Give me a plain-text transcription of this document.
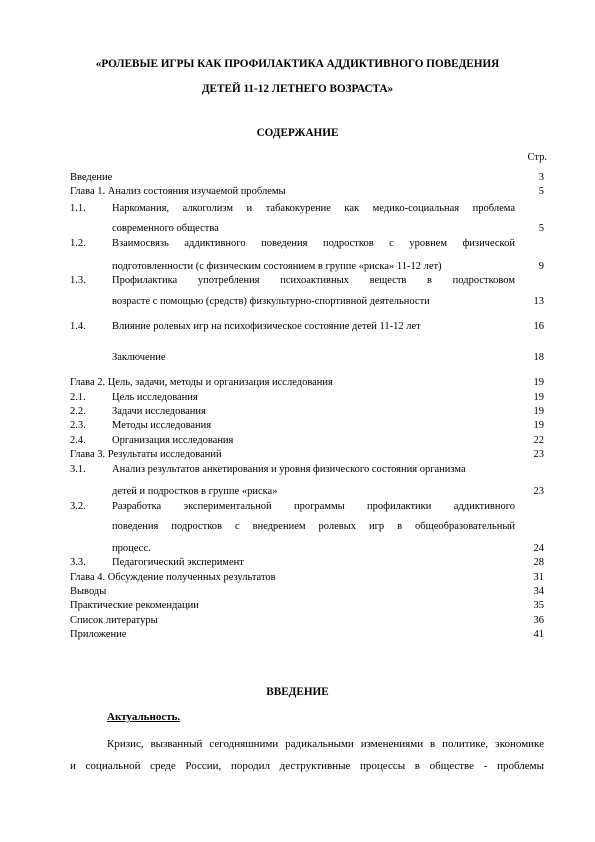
«РОЛЕВЫЕ ИГРЫ КАК ПРОФИЛАКТИКА АДДИКТИВНОГО ПОВЕДЕНИЯ
ДЕТЕЙ 11-12 ЛЕТНЕГО ВОЗРАСТА»
СОДЕРЖАНИЕ
Стр.
Введение	3
Глава 1. Анализ состояния изучаемой проблемы	5
1.1.	Наркомания, алкоголизм и табакокурение как медико-социальная проблема
современного общества	5
1.2.	Взаимосвязь аддиктивного поведения подростков с уровнем физической
подготовленности (с физическим состоянием в группе «риска» 11-12 лет)	9
1.3.	Профилактика употребления психоактивных веществ в подростковом
возрасте с помощью (средств) физкультурно-спортивной деятельности	13
1.4.	Влияние ролевых игр на психофизическое состояние детей 11-12 лет	16
Заключение	18
Глава 2. Цель, задачи, методы и организация исследования	19
2.1.	Цель исследования	19
2.2.	Задачи исследования	19
2.3.	Методы исследования	19
2.4.	Организация исследования	22
Глава 3. Результаты исследований	23
3.1.	Анализ результатов анкетирования и уровня физического состояния организма
детей и подростков в группе «риска»	23
3.2.	Разработка экспериментальной программы профилактики аддиктивного
поведения подростков с внедрением ролевых игр в общеобразовательный
процесс.	24
3.3.	Педагогический эксперимент	28
Глава 4. Обсуждение полученных результатов	31
Выводы	34
Практические рекомендации	35
Список литературы	36
Приложение	41
ВВЕДЕНИЕ
Актуальность.
Кризис, вызванный сегодняшними радикальными изменениями в политике, экономике
и социальной среде России, породил деструктивные процессы в обществе - проблемы
